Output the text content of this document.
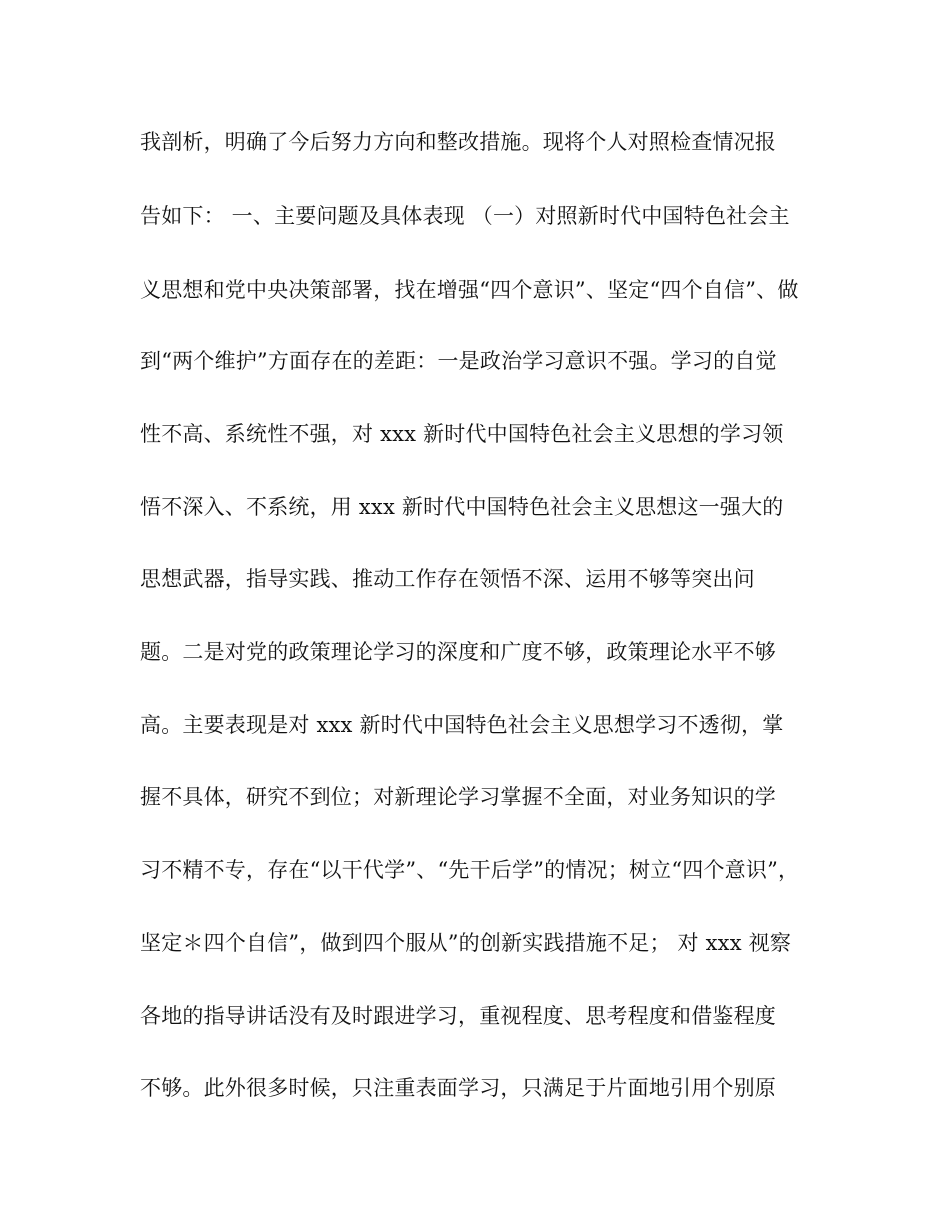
我剖析，明确了今后努力方向和整改措施。现将个人对照检查情况报
告如下： 一、主要问题及具体表现 （一）对照新时代中国特色社会主
义思想和党中央决策部署，找在增强“四个意识”、坚定“四个自信”、做
到“两个维护”方面存在的差距：一是政治学习意识不强。学习的自觉
性不高、系统性不强，对 xxx 新时代中国特色社会主义思想的学习领
悟不深入、不系统，用 xxx 新时代中国特色社会主义思想这一强大的
思想武器，指导实践、推动工作存在领悟不深、运用不够等突出问
题。二是对党的政策理论学习的深度和广度不够，政策理论水平不够
高。主要表现是对 xxx 新时代中国特色社会主义思想学习不透彻，掌
握不具体，研究不到位；对新理论学习掌握不全面，对业务知识的学
习不精不专，存在“以干代学”、“先干后学”的情况；树立“四个意识”，
坚定＊四个自信”，做到四个服从”的创新实践措施不足； 对 xxx 视察
各地的指导讲话没有及时跟进学习，重视程度、思考程度和借鉴程度
不够。此外很多时候，只注重表面学习，只满足于片面地引用个别原
